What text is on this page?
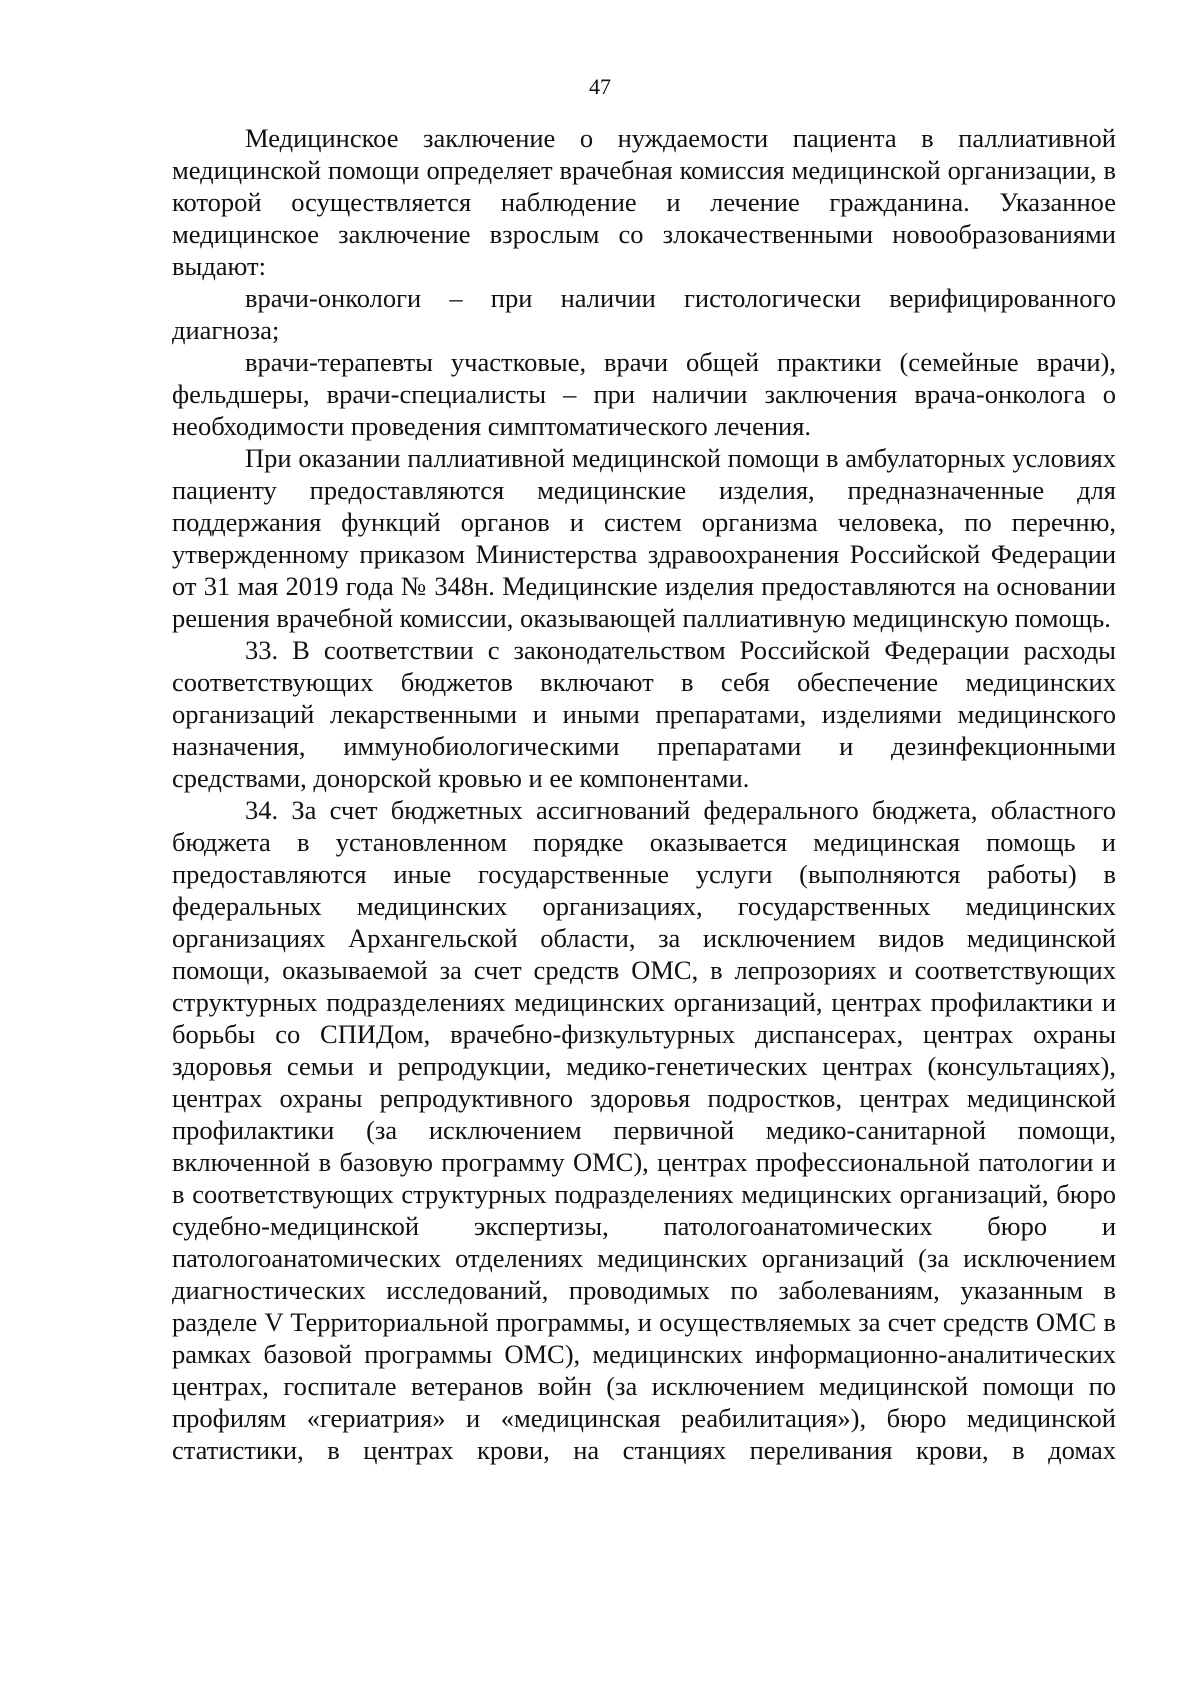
47

Медицинское заключение о нуждаемости пациента в паллиативной медицинской помощи определяет врачебная комиссия медицинской организации, в которой осуществляется наблюдение и лечение гражданина. Указанное медицинское заключение взрослым со злокачественными новообразованиями выдают:

врачи-онкологи – при наличии гистологически верифицированного диагноза;

врачи-терапевты участковые, врачи общей практики (семейные врачи), фельдшеры, врачи-специалисты – при наличии заключения врача-онколога о необходимости проведения симптоматического лечения.

При оказании паллиативной медицинской помощи в амбулаторных условиях пациенту предоставляются медицинские изделия, предназначенные для поддержания функций органов и систем организма человека, по перечню, утвержденному приказом Министерства здравоохранения Российской Федерации от 31 мая 2019 года № 348н. Медицинские изделия предоставляются на основании решения врачебной комиссии, оказывающей паллиативную медицинскую помощь.

33. В соответствии с законодательством Российской Федерации расходы соответствующих бюджетов включают в себя обеспечение медицинских организаций лекарственными и иными препаратами, изделиями медицинского назначения, иммунобиологическими препаратами и дезинфекционными средствами, донорской кровью и ее компонентами.

34. За счет бюджетных ассигнований федерального бюджета, областного бюджета в установленном порядке оказывается медицинская помощь и предоставляются иные государственные услуги (выполняются работы) в федеральных медицинских организациях, государственных медицинских организациях Архангельской области, за исключением видов медицинской помощи, оказываемой за счет средств ОМС, в лепрозориях и соответствующих структурных подразделениях медицинских организаций, центрах профилактики и борьбы со СПИДом, врачебно-физкультурных диспансерах, центрах охраны здоровья семьи и репродукции, медико-генетических центрах (консультациях), центрах охраны репродуктивного здоровья подростков, центрах медицинской профилактики (за исключением первичной медико-санитарной помощи, включенной в базовую программу ОМС), центрах профессиональной патологии и в соответствующих структурных подразделениях медицинских организаций, бюро судебно-медицинской экспертизы, патологоанатомических бюро и патологоанатомических отделениях медицинских организаций (за исключением диагностических исследований, проводимых по заболеваниям, указанным в разделе V Территориальной программы, и осуществляемых за счет средств ОМС в рамках базовой программы ОМС), медицинских информационно-аналитических центрах, госпитале ветеранов войн (за исключением медицинской помощи по профилям «гериатрия» и «медицинская реабилитация»), бюро медицинской статистики, в центрах крови, на станциях переливания крови, в домах
